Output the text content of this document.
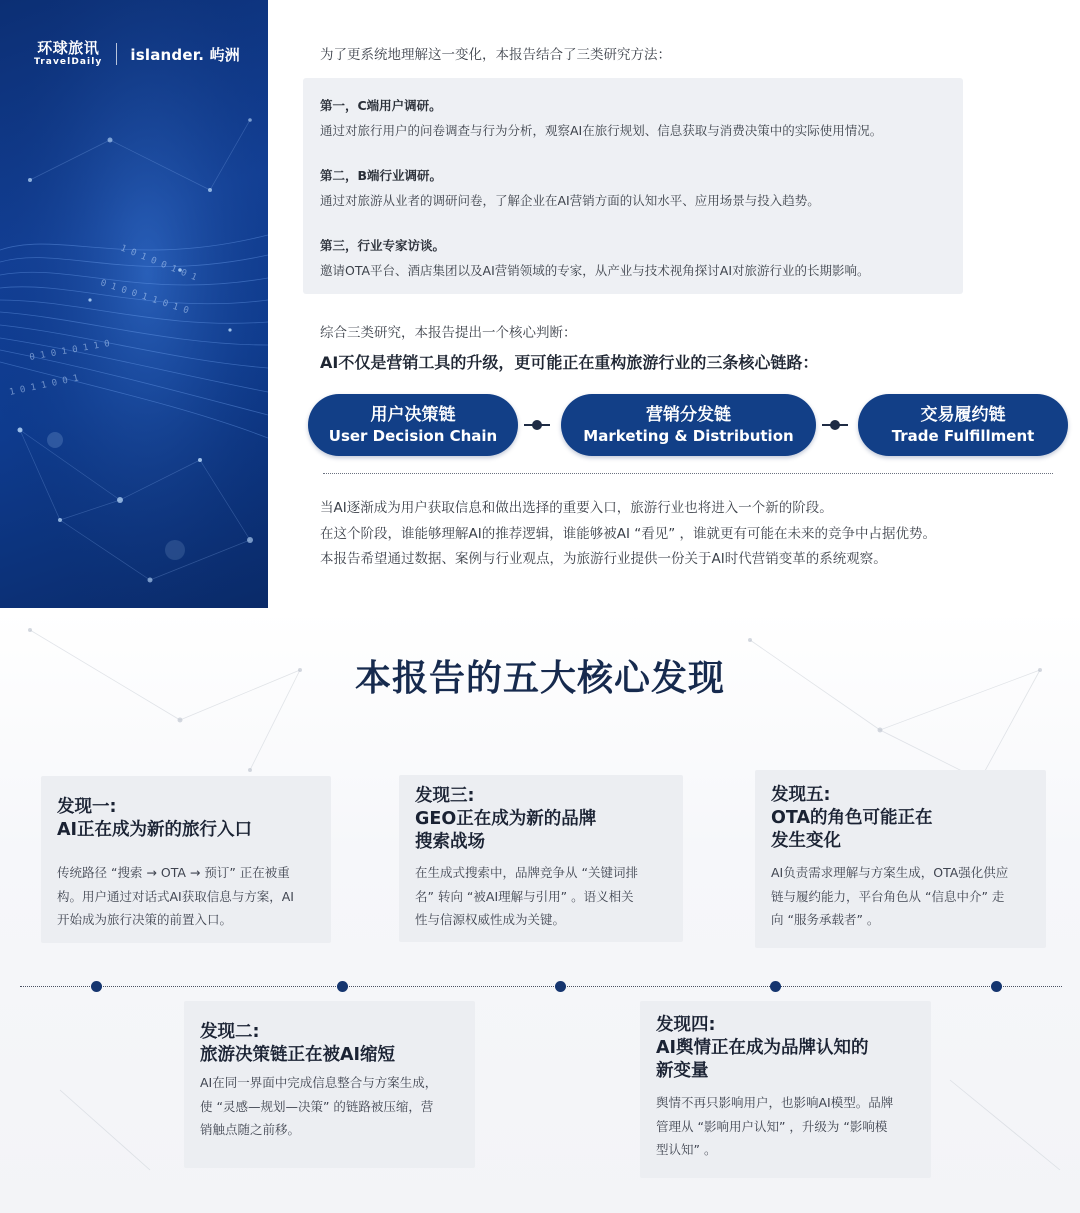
1 0 1 0 0 1 0 1
0 1 0 0 1 1 0 1 0
0 1 0 1 0 1 1 0
1 0 1 1 0 0 1
环球旅讯
TravelDaily islander. 屿洲	为了更系统地理解这一变化，本报告结合了三类研究方法：

第一，C端用户调研。
通过对旅行用户的问卷调查与行为分析，观察AI在旅行规划、信息获取与消费决策中的实际使用情况。
第二，B端行业调研。
通过对旅游从业者的调研问卷，了解企业在AI营销方面的认知水平、应用场景与投入趋势。
第三，行业专家访谈。
邀请OTA平台、酒店集团以及AI营销领域的专家，从产业与技术视角探讨AI对旅游行业的长期影响。

综合三类研究，本报告提出一个核心判断：

AI不仅是营销工具的升级，更可能正在重构旅游行业的三条核心链路：

用户决策链
User Decision Chain
营销分发链
Marketing & Distribution
交易履约链
Trade Fulfillment
当AI逐渐成为用户获取信息和做出选择的重要入口，旅游行业也将进入一个新的阶段。
在这个阶段，谁能够理解AI的推荐逻辑，谁能够被AI “看见” ，谁就更有可能在未来的竞争中占据优势。
本报告希望通过数据、案例与行业观点，为旅游行业提供一份关于AI时代营销变革的系统观察。
本报告的五大核心发现
发现一:
AI正在成为新的旅行入口
传统路径 “搜索 → OTA → 预订” 正在被重
构。用户通过对话式AI获取信息与方案，AI
开始成为旅行决策的前置入口。
发现三:
GEO正在成为新的品牌
搜索战场
在生成式搜索中，品牌竞争从 “关键词排
名” 转向 “被AI理解与引用” 。语义相关
性与信源权威性成为关键。
发现五:
OTA的角色可能正在
发生变化
AI负责需求理解与方案生成，OTA强化供应
链与履约能力，平台角色从 “信息中介” 走
向 “服务承载者” 。
发现二:
旅游决策链正在被AI缩短
AI在同一界面中完成信息整合与方案生成，
使 “灵感—规划—决策” 的链路被压缩，营
销触点随之前移。
发现四:
AI舆情正在成为品牌认知的
新变量
舆情不再只影响用户，也影响AI模型。品牌
管理从 “影响用户认知” ，升级为 “影响模
型认知” 。
